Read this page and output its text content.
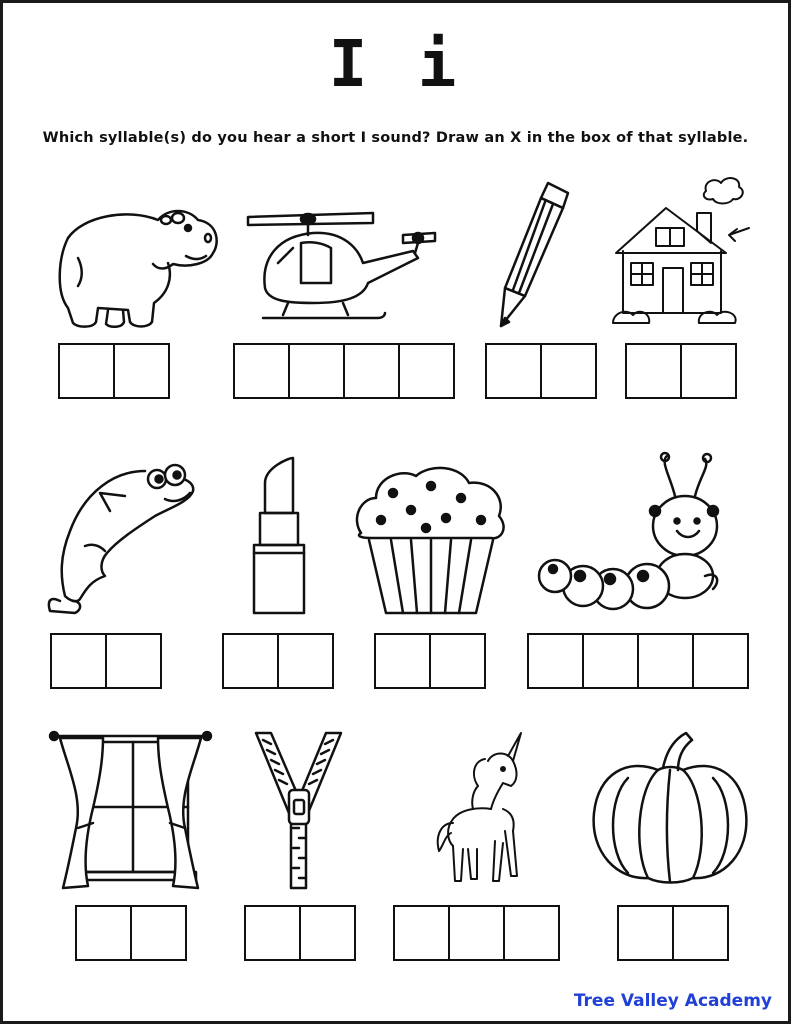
I i
Which syllable(s) do you hear a short I sound? Draw an X in the box of that syllable.
Tree Valley Academy
